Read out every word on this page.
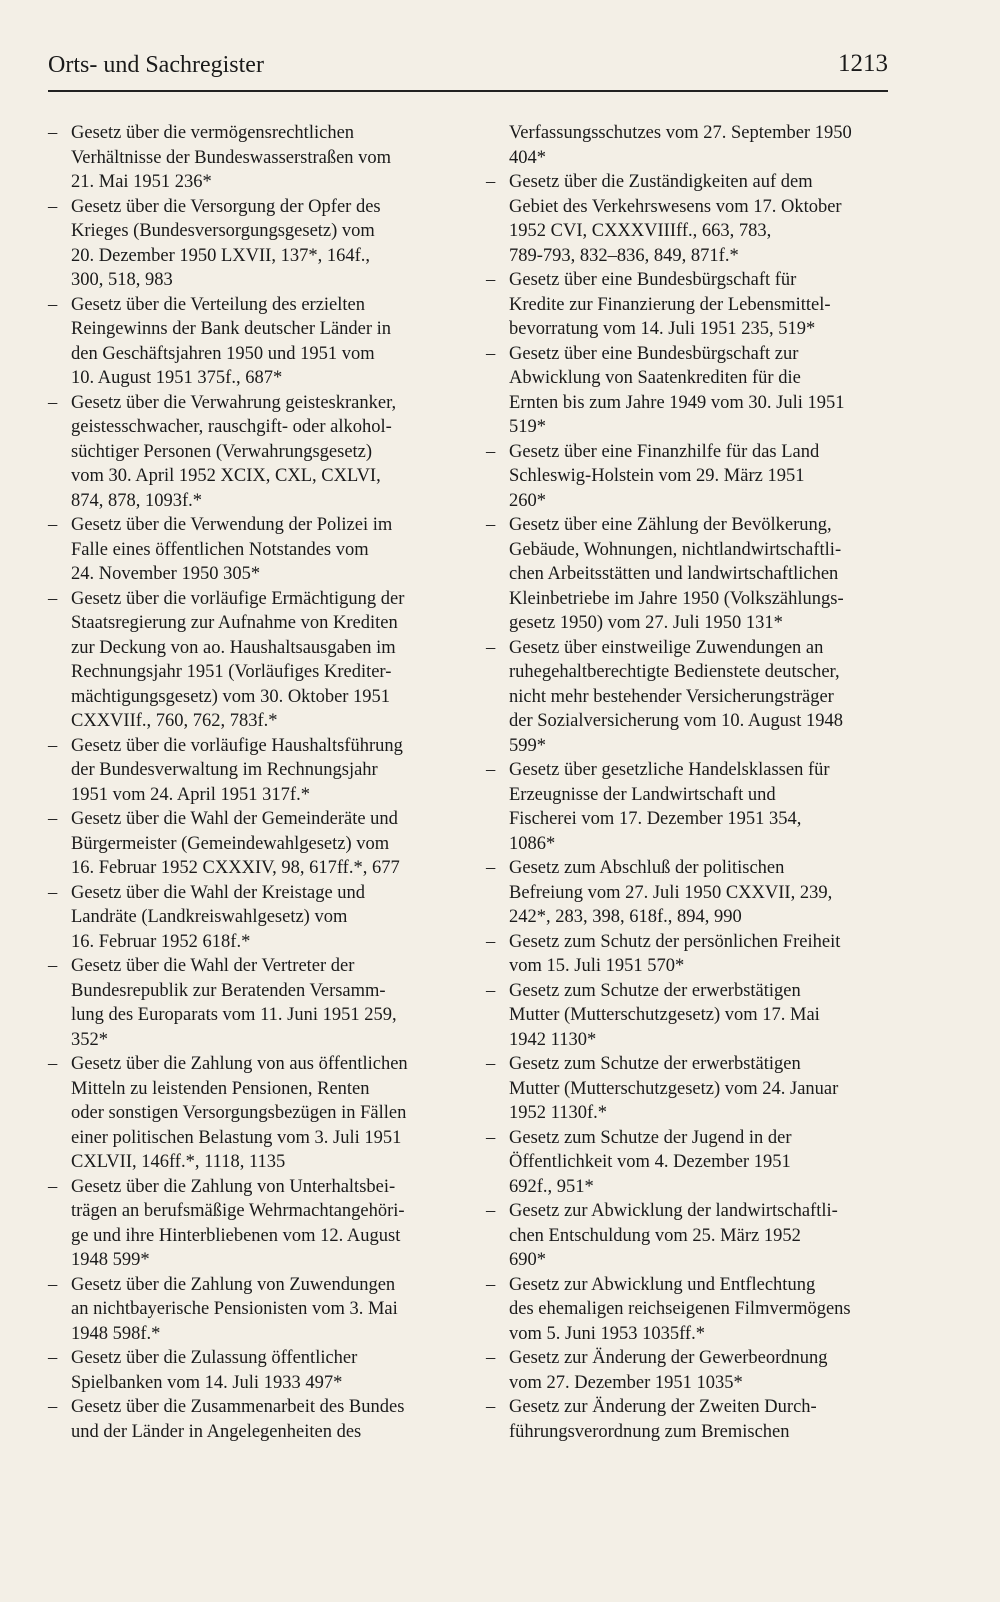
Orts- und Sachregister	1213
– Gesetz über die vermögensrechtlichen
Verhältnisse der Bundeswasserstraßen vom
21. Mai 1951 236*
– Gesetz über die Versorgung der Opfer des
Krieges (Bundesversorgungsgesetz) vom
20. Dezember 1950 LXVII, 137*, 164f.,
300, 518, 983
– Gesetz über die Verteilung des erzielten
Reingewinns der Bank deutscher Länder in
den Geschäftsjahren 1950 und 1951 vom
10. August 1951 375f., 687*
– Gesetz über die Verwahrung geisteskranker,
geistesschwacher, rauschgift- oder alkohol-
süchtiger Personen (Verwahrungsgesetz)
vom 30. April 1952 XCIX, CXL, CXLVI,
874, 878, 1093f.*
– Gesetz über die Verwendung der Polizei im
Falle eines öffentlichen Notstandes vom
24. November 1950 305*
– Gesetz über die vorläufige Ermächtigung der
Staatsregierung zur Aufnahme von Krediten
zur Deckung von ao. Haushaltsausgaben im
Rechnungsjahr 1951 (Vorläufiges Krediter-
mächtigungsgesetz) vom 30. Oktober 1951
CXXVIIf., 760, 762, 783f.*
– Gesetz über die vorläufige Haushaltsführung
der Bundesverwaltung im Rechnungsjahr
1951 vom 24. April 1951 317f.*
– Gesetz über die Wahl der Gemeinderäte und
Bürgermeister (Gemeindewahlgesetz) vom
16. Februar 1952 CXXXIV, 98, 617ff.*, 677
– Gesetz über die Wahl der Kreistage und
Landräte (Landkreiswahlgesetz) vom
16. Februar 1952 618f.*
– Gesetz über die Wahl der Vertreter der
Bundesrepublik zur Beratenden Versamm-
lung des Europarats vom 11. Juni 1951 259,
352*
– Gesetz über die Zahlung von aus öffentlichen
Mitteln zu leistenden Pensionen, Renten
oder sonstigen Versorgungsbezügen in Fällen
einer politischen Belastung vom 3. Juli 1951
CXLVII, 146ff.*, 1118, 1135
– Gesetz über die Zahlung von Unterhaltsbei-
trägen an berufsmäßige Wehrmachtangehöri-
ge und ihre Hinterbliebenen vom 12. August
1948 599*
– Gesetz über die Zahlung von Zuwendungen
an nichtbayerische Pensionisten vom 3. Mai
1948 598f.*
– Gesetz über die Zulassung öffentlicher
Spielbanken vom 14. Juli 1933 497*
– Gesetz über die Zusammenarbeit des Bundes
und der Länder in Angelegenheiten des
Verfassungsschutzes vom 27. September 1950
404*
– Gesetz über die Zuständigkeiten auf dem
Gebiet des Verkehrswesens vom 17. Oktober
1952 CVI, CXXXVIIIff., 663, 783,
789-793, 832–836, 849, 871f.*
– Gesetz über eine Bundesbürgschaft für
Kredite zur Finanzierung der Lebensmittel-
bevorratung vom 14. Juli 1951 235, 519*
– Gesetz über eine Bundesbürgschaft zur
Abwicklung von Saatenkrediten für die
Ernten bis zum Jahre 1949 vom 30. Juli 1951
519*
– Gesetz über eine Finanzhilfe für das Land
Schleswig-Holstein vom 29. März 1951
260*
– Gesetz über eine Zählung der Bevölkerung,
Gebäude, Wohnungen, nichtlandwirtschaftli-
chen Arbeitsstätten und landwirtschaftlichen
Kleinbetriebe im Jahre 1950 (Volkszählungs-
gesetz 1950) vom 27. Juli 1950 131*
– Gesetz über einstweilige Zuwendungen an
ruhegehaltberechtigte Bedienstete deutscher,
nicht mehr bestehender Versicherungsträger
der Sozialversicherung vom 10. August 1948
599*
– Gesetz über gesetzliche Handelsklassen für
Erzeugnisse der Landwirtschaft und
Fischerei vom 17. Dezember 1951 354,
1086*
– Gesetz zum Abschluß der politischen
Befreiung vom 27. Juli 1950 CXXVII, 239,
242*, 283, 398, 618f., 894, 990
– Gesetz zum Schutz der persönlichen Freiheit
vom 15. Juli 1951 570*
– Gesetz zum Schutze der erwerbstätigen
Mutter (Mutterschutzgesetz) vom 17. Mai
1942 1130*
– Gesetz zum Schutze der erwerbstätigen
Mutter (Mutterschutzgesetz) vom 24. Januar
1952 1130f.*
– Gesetz zum Schutze der Jugend in der
Öffentlichkeit vom 4. Dezember 1951
692f., 951*
– Gesetz zur Abwicklung der landwirtschaftli-
chen Entschuldung vom 25. März 1952
690*
– Gesetz zur Abwicklung und Entflechtung
des ehemaligen reichseigenen Filmvermögens
vom 5. Juni 1953 1035ff.*
– Gesetz zur Änderung der Gewerbeordnung
vom 27. Dezember 1951 1035*
– Gesetz zur Änderung der Zweiten Durch-
führungsverordnung zum Bremischen
